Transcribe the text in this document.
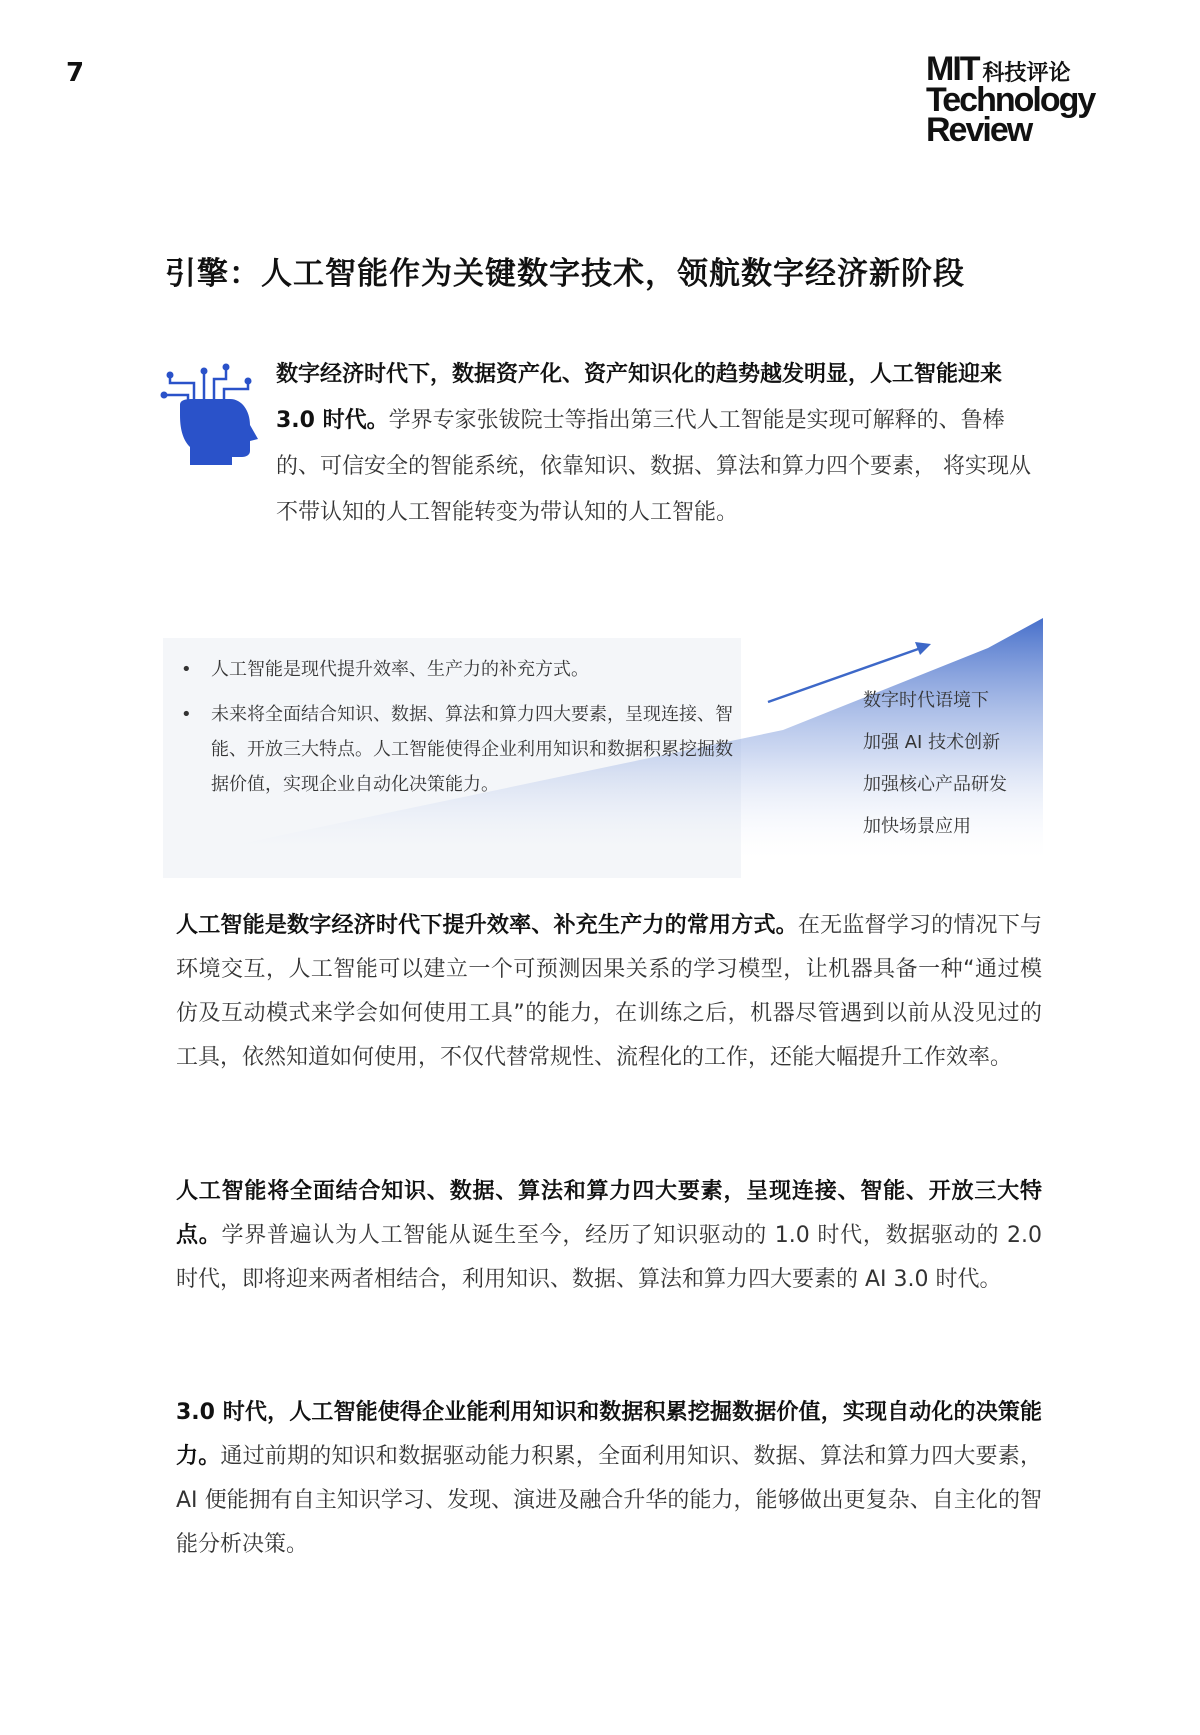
7	MIT 科技评论
Technology
Review
引擎：人工智能作为关键数字技术，领航数字经济新阶段
数字经济时代下，数据资产化、资产知识化的趋势越发明显，人工智能迎来 3.0 时代。学界专家张钹院士等指出第三代人工智能是实现可解释的、鲁棒的、可信安全的智能系统，依靠知识、数据、算法和算力四个要素， 将实现从不带认知的人工智能转变为带认知的人工智能。
• 人工智能是现代提升效率、生产力的补充方式。
• 未来将全面结合知识、数据、算法和算力四大要素，呈现连接、智能、开放三大特点。人工智能使得企业利用知识和数据积累挖掘数据价值，实现企业自动化决策能力。
数字时代语境下
加强 AI 技术创新
加强核心产品研发
加快场景应用
人工智能是数字经济时代下提升效率、补充生产力的常用方式。在无监督学习的情况下与环境交互，人工智能可以建立一个可预测因果关系的学习模型，让机器具备一种“通过模仿及互动模式来学会如何使用工具”的能力，在训练之后，机器尽管遇到以前从没见过的工具，依然知道如何使用，不仅代替常规性、流程化的工作，还能大幅提升工作效率。
人工智能将全面结合知识、数据、算法和算力四大要素，呈现连接、智能、开放三大特点。学界普遍认为人工智能从诞生至今，经历了知识驱动的 1.0 时代，数据驱动的 2.0 时代，即将迎来两者相结合，利用知识、数据、算法和算力四大要素的 AI 3.0 时代。
3.0 时代，人工智能使得企业能利用知识和数据积累挖掘数据价值，实现自动化的决策能力。通过前期的知识和数据驱动能力积累，全面利用知识、数据、算法和算力四大要素， AI 便能拥有自主知识学习、发现、演进及融合升华的能力，能够做出更复杂、自主化的智能分析决策。
